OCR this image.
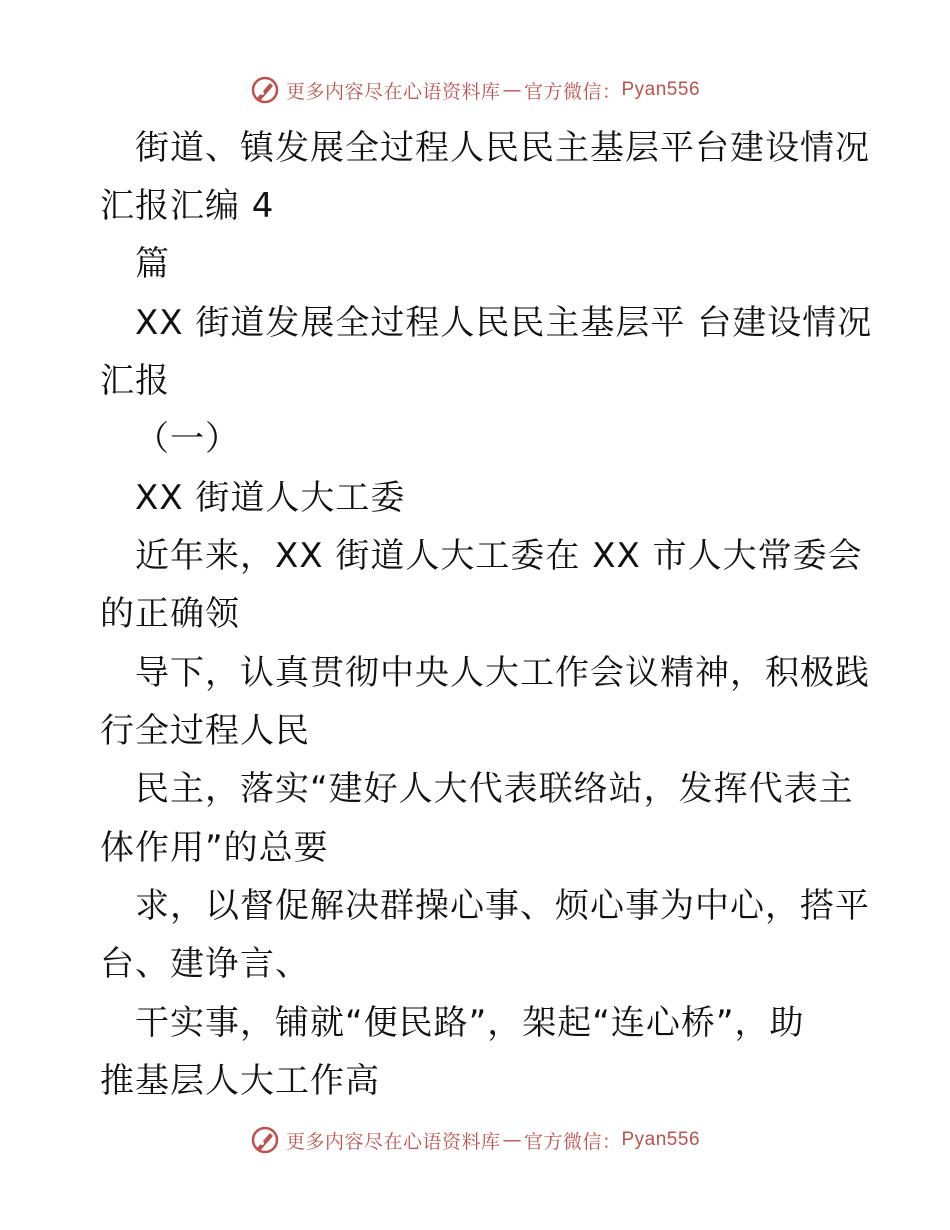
更多内容尽在心语资料库 — 官方微信： Pyan556
街道、镇发展全过程人民民主基层平台建设情况
汇报汇编 4
篇
XX 街道发展全过程人民民主基层平 台建设情况
汇报
（一）
XX 街道人大工委
近年来，XX 街道人大工委在 XX 市人大常委会
的正确领
导下，认真贯彻中央人大工作会议精神，积极践
行全过程人民
民主，落实“建好人大代表联络站，发挥代表主
体作用”的总要
求，以督促解决群操心事、烦心事为中心，搭平
台、建诤言、
干实事，铺就“便民路”，架起“连心桥”，助
推基层人大工作高
更多内容尽在心语资料库 — 官方微信： Pyan556
